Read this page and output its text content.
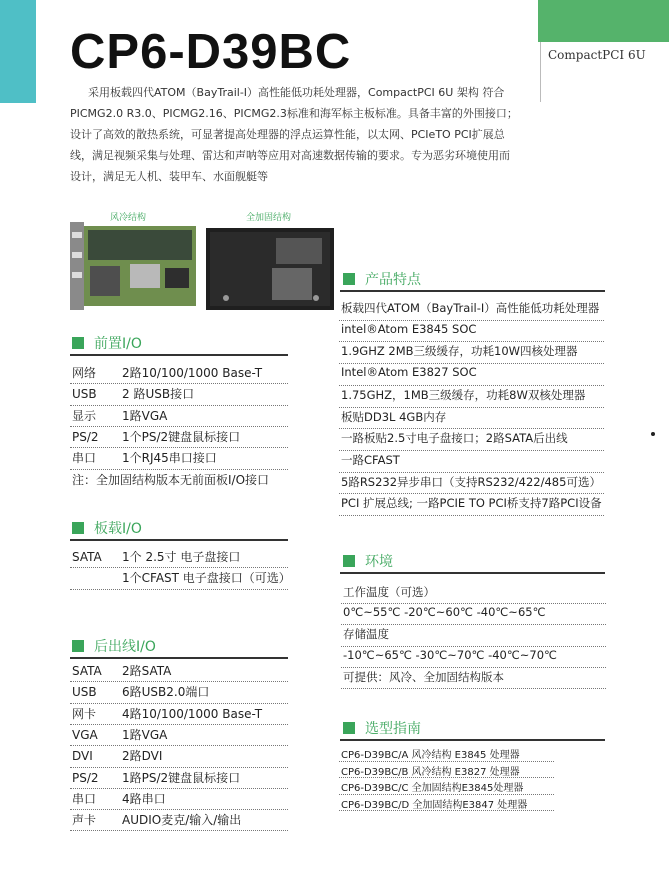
CompactPCI 6U
CP6-D39BC
采用板载四代ATOM（BayTrail-I）高性能低功耗处理器，CompactPCI 6U 架构 符合PICMG2.0 R3.0、PICMG2.16、PICMG2.3标准和海军标主板标准。具备丰富的外围接口；设计了高效的散热系统，可显著提高处理器的浮点运算性能，以太网、PCIeTO PCI扩展总线，满足视频采集与处理、雷达和声呐等应用对高速数据传输的要求。专为恶劣环境使用而设计，满足无人机、装甲车、水面舰艇等
风冷结构	全加固结构
前置I/O
网络 2路10/100/1000 Base-T
USB 2 路USB接口
显示 1路VGA
PS/2 1个PS/2键盘鼠标接口
串口 1个RJ45串口接口
注：全加固结构版本无前面板I/O接口
板载I/O
SATA 1个 2.5寸 电子盘接口
1个CFAST 电子盘接口（可选）
后出线I/O
SATA 2路SATA
USB 6路USB2.0端口
网卡 4路10/100/1000 Base-T
VGA 1路VGA
DVI 2路DVI
PS/2 1路PS/2键盘鼠标接口
串口 4路串口
声卡 AUDIO麦克/输入/输出
产品特点
板载四代ATOM（BayTrail-I）高性能低功耗处理器
intel®Atom E3845 SOC
1.9GHZ 2MB三级缓存，功耗10W四核处理器
Intel®Atom E3827 SOC
1.75GHZ，1MB三级缓存，功耗8W双核处理器
板贴DD3L 4GB内存
一路板贴2.5寸电子盘接口；2路SATA后出线
一路CFAST
5路RS232异步串口（支持RS232/422/485可选）
PCI 扩展总线; 一路PCIE TO PCI桥支持7路PCI设备
环境
工作温度（可选）
0℃~55℃ -20℃~60℃ -40℃~65℃
存储温度
-10℃~65℃ -30℃~70℃ -40℃~70℃
可提供：风冷、全加固结构版本
选型指南
CP6-D39BC/A 风冷结构 E3845 处理器
CP6-D39BC/B 风冷结构 E3827 处理器
CP6-D39BC/C 全加固结构E3845处理器
CP6-D39BC/D 全加固结构E3847 处理器
